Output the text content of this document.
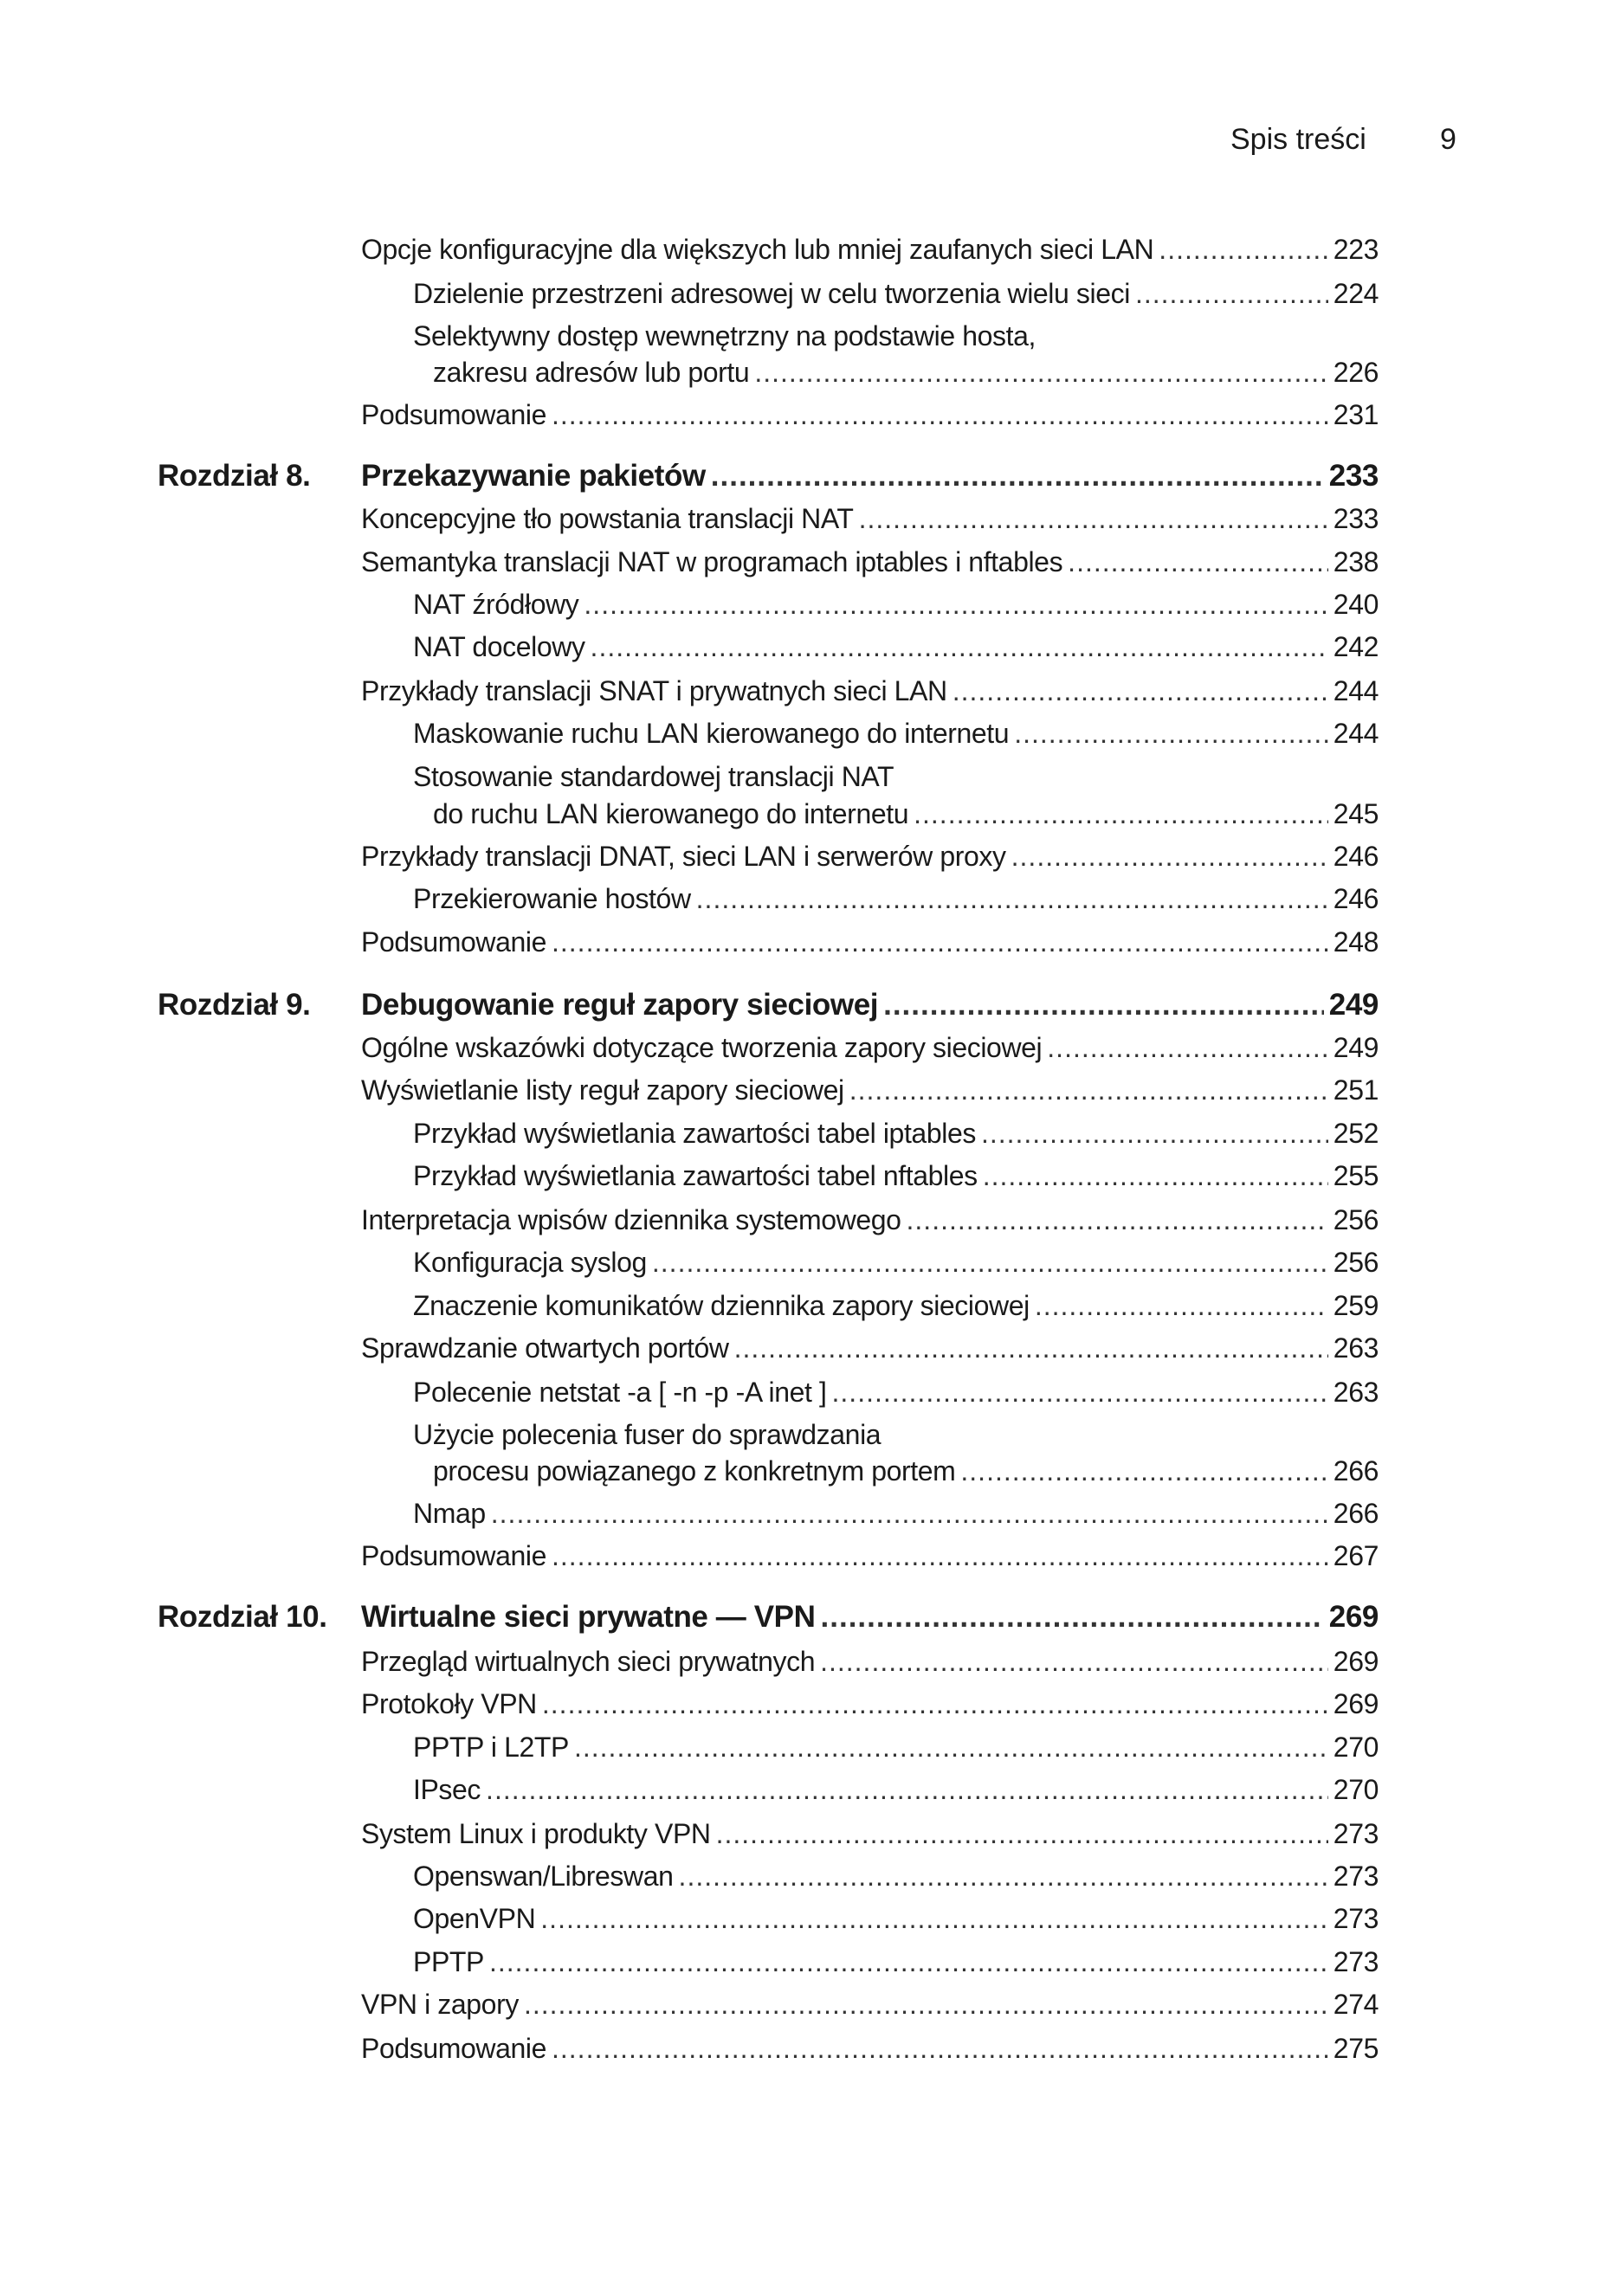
Spis treści	9
Opcje konfiguracyjne dla większych lub mniej zaufanych sieci LAN .....	223
Dzielenie przestrzeni adresowej w celu tworzenia wielu sieci .....	224
Selektywny dostęp wewnętrzny na podstawie hosta,
zakresu adresów lub portu .....	226
Podsumowanie .....	231
Rozdział 8. Przekazywanie pakietów .....	233
Koncepcyjne tło powstania translacji NAT .....	233
Semantyka translacji NAT w programach iptables i nftables .....	238
NAT źródłowy .....	240
NAT docelowy .....	242
Przykłady translacji SNAT i prywatnych sieci LAN .....	244
Maskowanie ruchu LAN kierowanego do internetu .....	244
Stosowanie standardowej translacji NAT
do ruchu LAN kierowanego do internetu .....	245
Przykłady translacji DNAT, sieci LAN i serwerów proxy .....	246
Przekierowanie hostów .....	246
Podsumowanie .....	248
Rozdział 9. Debugowanie reguł zapory sieciowej .....	249
Ogólne wskazówki dotyczące tworzenia zapory sieciowej .....	249
Wyświetlanie listy reguł zapory sieciowej .....	251
Przykład wyświetlania zawartości tabel iptables .....	252
Przykład wyświetlania zawartości tabel nftables .....	255
Interpretacja wpisów dziennika systemowego .....	256
Konfiguracja syslog .....	256
Znaczenie komunikatów dziennika zapory sieciowej .....	259
Sprawdzanie otwartych portów .....	263
Polecenie netstat -a [ -n -p -A inet ] .....	263
Użycie polecenia fuser do sprawdzania
procesu powiązanego z konkretnym portem .....	266
Nmap .....	266
Podsumowanie .....	267
Rozdział 10. Wirtualne sieci prywatne — VPN .....	269
Przegląd wirtualnych sieci prywatnych .....	269
Protokoły VPN .....	269
PPTP i L2TP .....	270
IPsec .....	270
System Linux i produkty VPN .....	273
Openswan/Libreswan .....	273
OpenVPN .....	273
PPTP .....	273
VPN i zapory .....	274
Podsumowanie .....	275
